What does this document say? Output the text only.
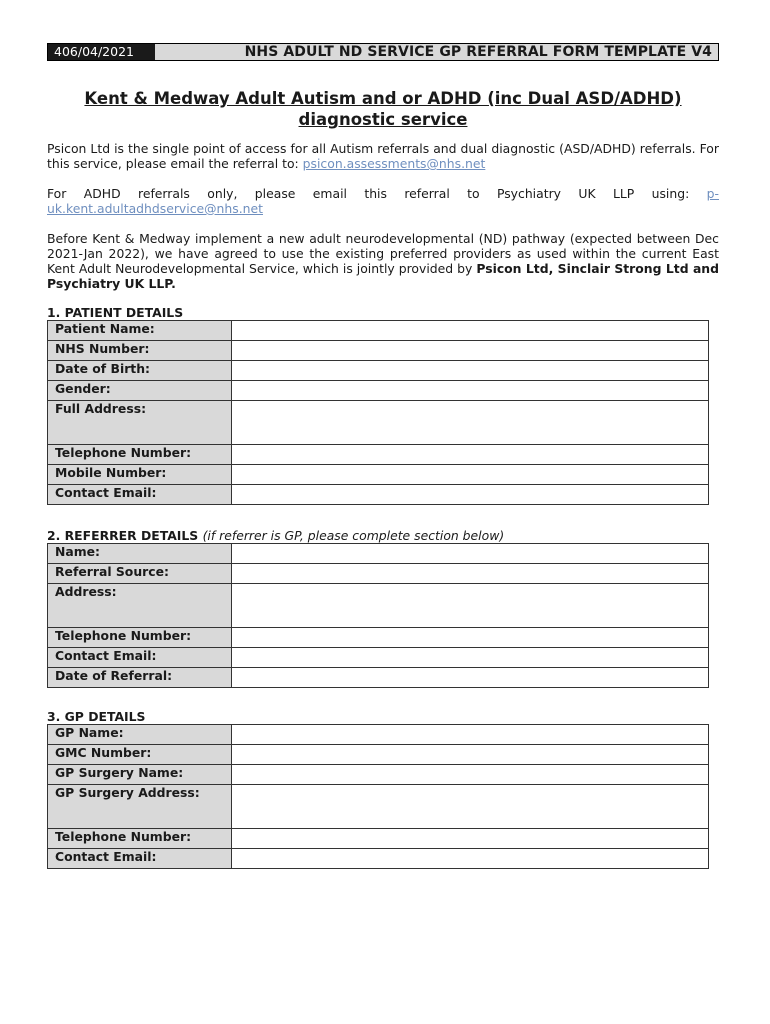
406/04/2021	NHS ADULT ND SERVICE GP REFERRAL FORM TEMPLATE V4
Kent & Medway Adult Autism and or ADHD (inc Dual ASD/ADHD)
diagnostic service

Psicon Ltd is the single point of access for all Autism referrals and dual diagnostic (ASD/ADHD) referrals. For this service, please email the referral to: psicon.assessments@nhs.net

For ADHD referrals only, please email this referral to Psychiatry UK LLP using: p-uk.kent.adultadhdservice@nhs.net

Before Kent & Medway implement a new adult neurodevelopmental (ND) pathway (expected between Dec 2021-Jan 2022), we have agreed to use the existing preferred providers as used within the current East Kent Adult Neurodevelopmental Service, which is jointly provided by Psicon Ltd, Sinclair Strong Ltd and Psychiatry UK LLP.

1. PATIENT DETAILS
Patient Name:	
NHS Number:	
Date of Birth:	
Gender:	
Full Address:	
Telephone Number:	
Mobile Number:	
Contact Email:	
2. REFERRER DETAILS (if referrer is GP, please complete section below)
Name:	
Referral Source:	
Address:	
Telephone Number:	
Contact Email:	
Date of Referral:	
3. GP DETAILS
GP Name:	
GMC Number:	
GP Surgery Name:	
GP Surgery Address:	
Telephone Number:	
Contact Email:	
